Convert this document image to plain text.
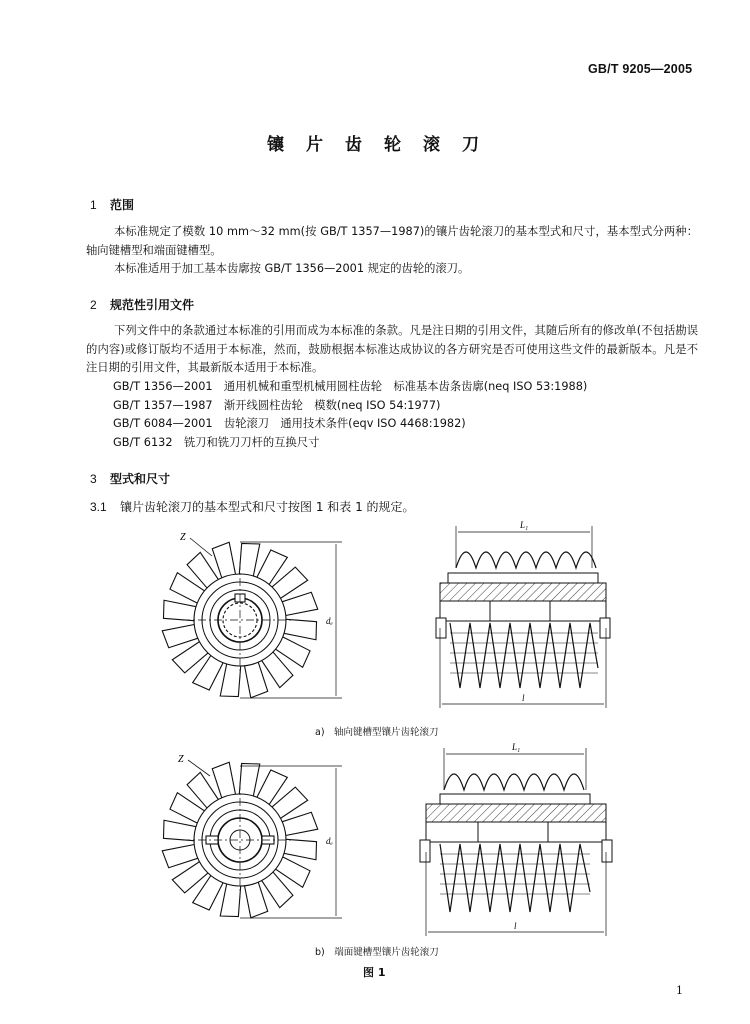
GB/T 9205—2005
镶片齿轮滚刀
1 范围

本标准规定了模数 10 mm～32 mm(按 GB/T 1357—1987)的镶片齿轮滚刀的基本型式和尺寸，基本型式分两种：轴向键槽型和端面键槽型。

本标准适用于加工基本齿廓按 GB/T 1356—2001 规定的齿轮的滚刀。

2 规范性引用文件

下列文件中的条款通过本标准的引用而成为本标准的条款。凡是注日期的引用文件，其随后所有的修改单(不包括勘误的内容)或修订版均不适用于本标准，然而，鼓励根据本标准达成协议的各方研究是否可使用这些文件的最新版本。凡是不注日期的引用文件，其最新版本适用于本标准。

GB/T 1356—2001　通用机械和重型机械用圆柱齿轮　标准基本齿条齿廓(neq ISO 53:1988)
GB/T 1357—1987　渐开线圆柱齿轮　模数(neq ISO 54:1977)
GB/T 6084—2001　齿轮滚刀　通用技术条件(eqv ISO 4468:1982)
GB/T 6132　铣刀和铣刀刀杆的互换尺寸
3 型式和尺寸
3.1 镶片齿轮滚刀的基本型式和尺寸按图 1 和表 1 的规定。
Z
dₑ
L₁
l
a)　轴向键槽型镶片齿轮滚刀
Z
dₑ
L₁
l
b)　端面键槽型镶片齿轮滚刀
图 1
1
